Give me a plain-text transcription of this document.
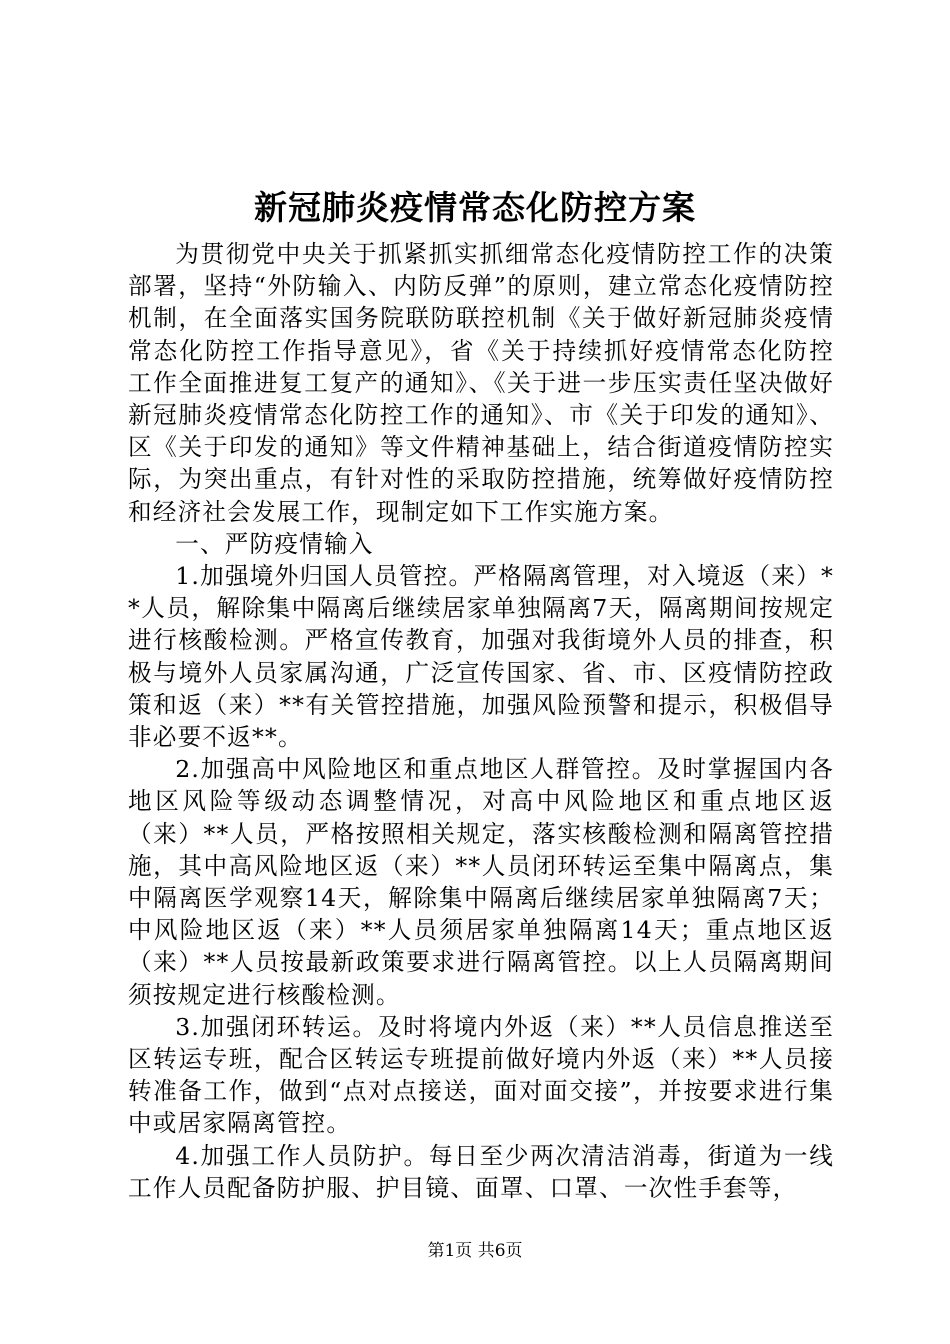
新冠肺炎疫情常态化防控方案

为贯彻党中央关于抓紧抓实抓细常态化疫情防控工作的决策部署，坚持“外防输入、内防反弹”的原则，建立常态化疫情防控机制，在全面落实国务院联防联控机制《关于做好新冠肺炎疫情常态化防控工作指导意见》，省《关于持续抓好疫情常态化防控工作全面推进复工复产的通知》、《关于进一步压实责任坚决做好新冠肺炎疫情常态化防控工作的通知》、市《关于印发的通知》、区《关于印发的通知》等文件精神基础上，结合街道疫情防控实际，为突出重点，有针对性的采取防控措施，统筹做好疫情防控和经济社会发展工作，现制定如下工作实施方案。

一、严防疫情输入

1.加强境外归国人员管控。严格隔离管理，对入境返（来）**人员，解除集中隔离后继续居家单独隔离7天，隔离期间按规定进行核酸检测。严格宣传教育，加强对我街境外人员的排查，积极与境外人员家属沟通，广泛宣传国家、省、市、区疫情防控政策和返（来）**有关管控措施，加强风险预警和提示，积极倡导非必要不返**。

2.加强高中风险地区和重点地区人群管控。及时掌握国内各地区风险等级动态调整情况，对高中风险地区和重点地区返（来）**人员，严格按照相关规定，落实核酸检测和隔离管控措施，其中高风险地区返（来）**人员闭环转运至集中隔离点，集中隔离医学观察14天，解除集中隔离后继续居家单独隔离7天；中风险地区返（来）**人员须居家单独隔离14天；重点地区返（来）**人员按最新政策要求进行隔离管控。以上人员隔离期间须按规定进行核酸检测。

3.加强闭环转运。及时将境内外返（来）**人员信息推送至区转运专班，配合区转运专班提前做好境内外返（来）**人员接转准备工作，做到“点对点接送，面对面交接”，并按要求进行集中或居家隔离管控。

4.加强工作人员防护。每日至少两次清洁消毒，街道为一线工作人员配备防护服、护目镜、面罩、口罩、一次性手套等，

第1页 共6页
